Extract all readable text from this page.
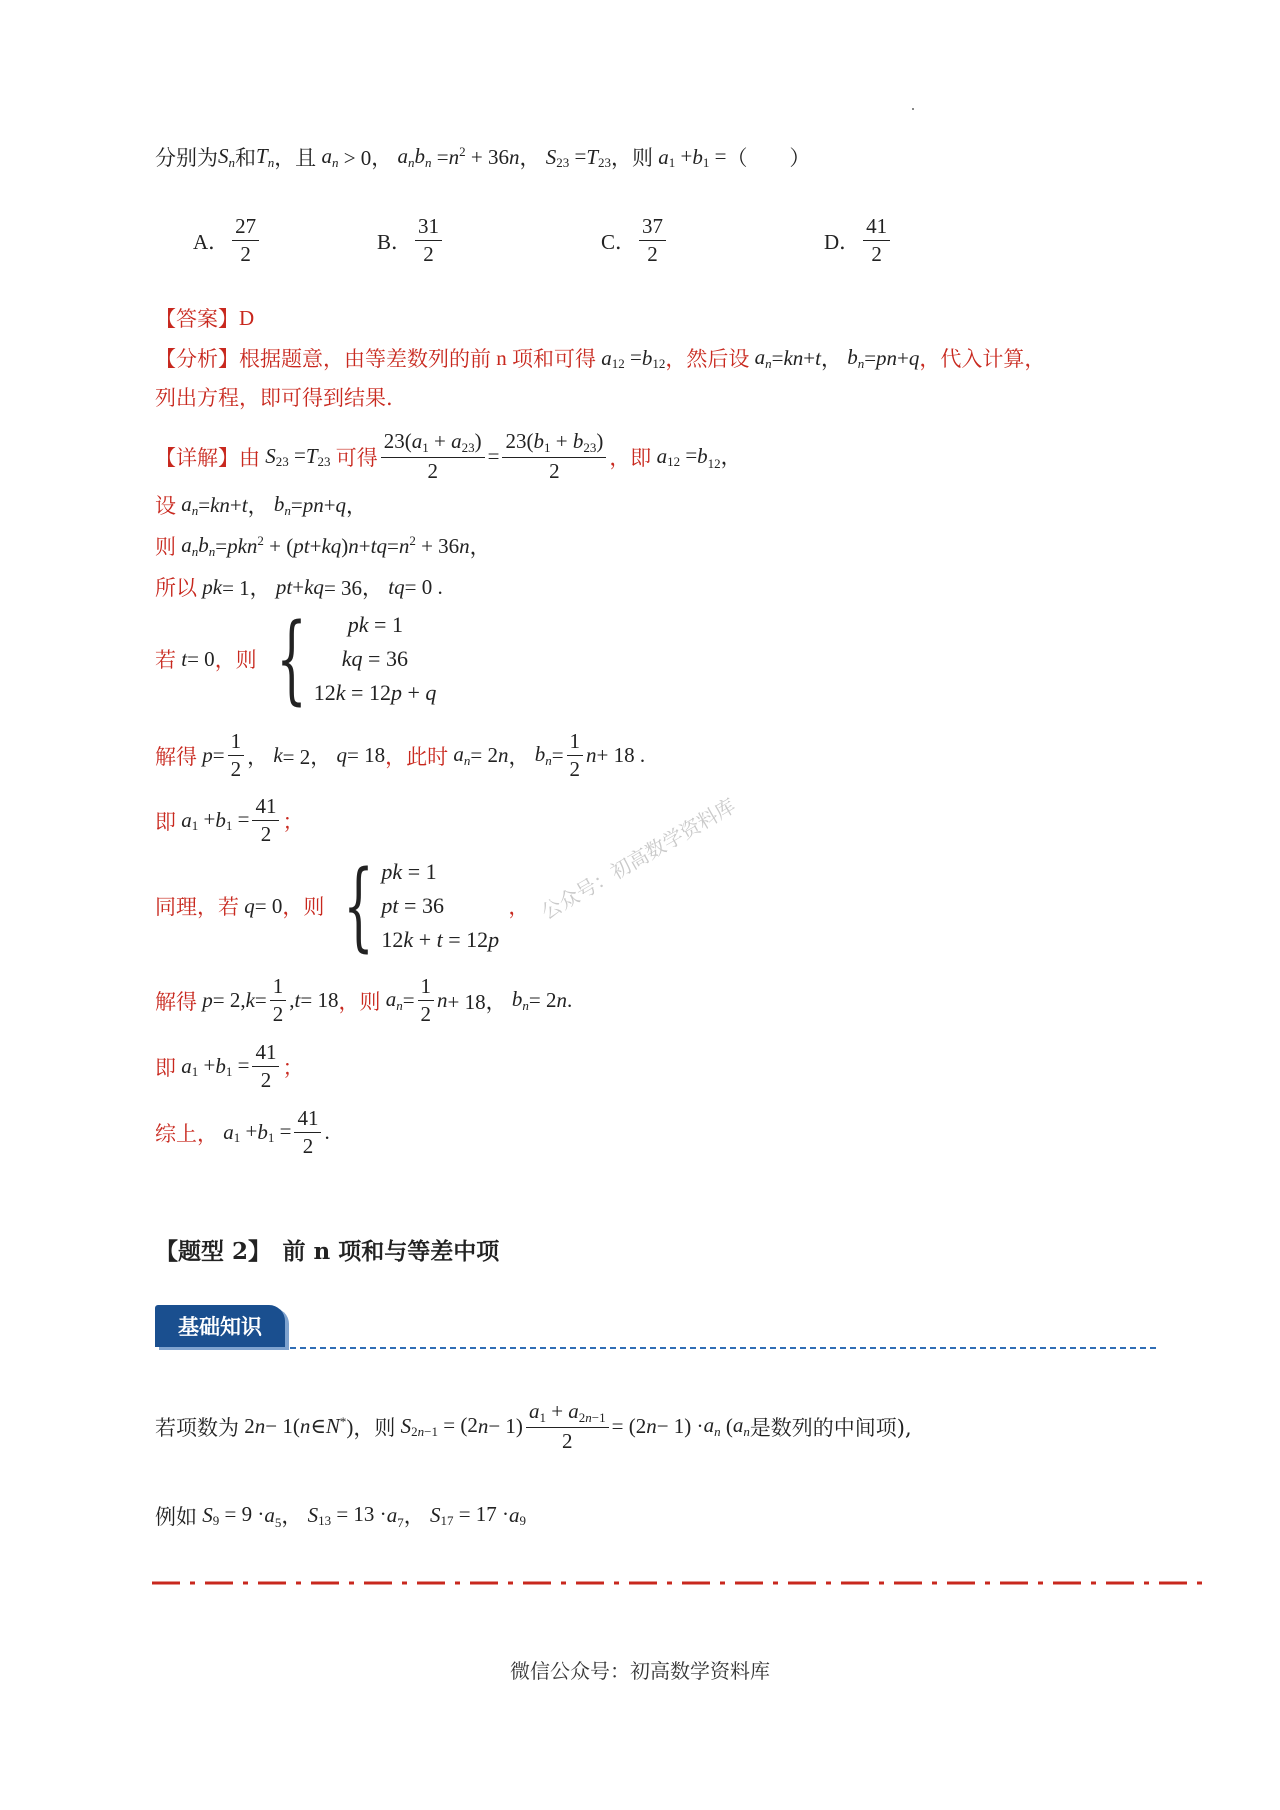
分别为 $S_n$ 和 $T_n$ ，且 $a_n > 0$， $a_nb_n = n$ $^2$ + 36 n ， S $_{23}$ = T $_{23}$ ，则 a $_1$ + b $_1$ = （　　）
A． $\frac{27}{2}$	B． $\frac{31}{2}$	C． $\frac{37}{2}$	D． $\frac{41}{2}$
【答案】 D
【分析】 根据题意，由等差数列的前 n 项和可得 a $_{12}$ = b $_{12}$ ，然后设 $a_n$ = kn + t ， $b_n$ = pn + q ，代入计算，
列出方程，即可得到结果.
【详解】 由 S $_{23}$ = T $_{23}$ 可得 $\frac{23(a_1 + a_{23})}{2} = \frac{23(b_1 + b_{23})}{2}$ ，即 a $_{12}$ = b $_{12}$，
设 $a_n$ = kn + t ， $b_n$ = pn + q ，
则 $a_nb_n$ = pkn $^2$ + ( pt + kq ) n + tq = n $^2$ + 36 n ，
所以 pk = 1， pt + kq = 36， tq = 0 .
若 t = 0 ，则 {	pk = 1
kq = 36
12k = 12p + q
解得 $p = \frac{1}{2}$ ， k = 2， q = 18 ，此时 $a_n = 2$ n ， $b_n = \frac{1}{2}$ n + 18 .
即 a $_1$ + b $_1 = \frac{41}{2}$ ；
同理，若 q = 0 ，则 { pk = 1
pt = 36
12k + t = 12p
，
解得 p = 2, $k = \frac{1}{2}$ , t = 18 ，则 $a_n = \frac{1}{2}$ n + 18， $b_n = 2$ n .
即 a $_1$ + b $_1 = \frac{41}{2}$ ；
综上， a $_1$ + b $_1 = \frac{41}{2}$ .
【题型 2】　前 n 项和与等差中项
基础知识
若项数为 2 n − 1( n ∈ N *) ，则 S $_{2n-1}$ = (2 $n - 1) \frac{a_1 + a_{2n-1}}{2} = (2$ $n - 1) \cdot a_n$ ( $a_n$ 是数列的中间项),
例如 S $_9$ = 9 · a $_5$， S $_{13}$ = 13 · a $_7$， S $_{17}$ = 17 · a $_9$
微信公众号：初高数学资料库
公众号：初高数学资料库
